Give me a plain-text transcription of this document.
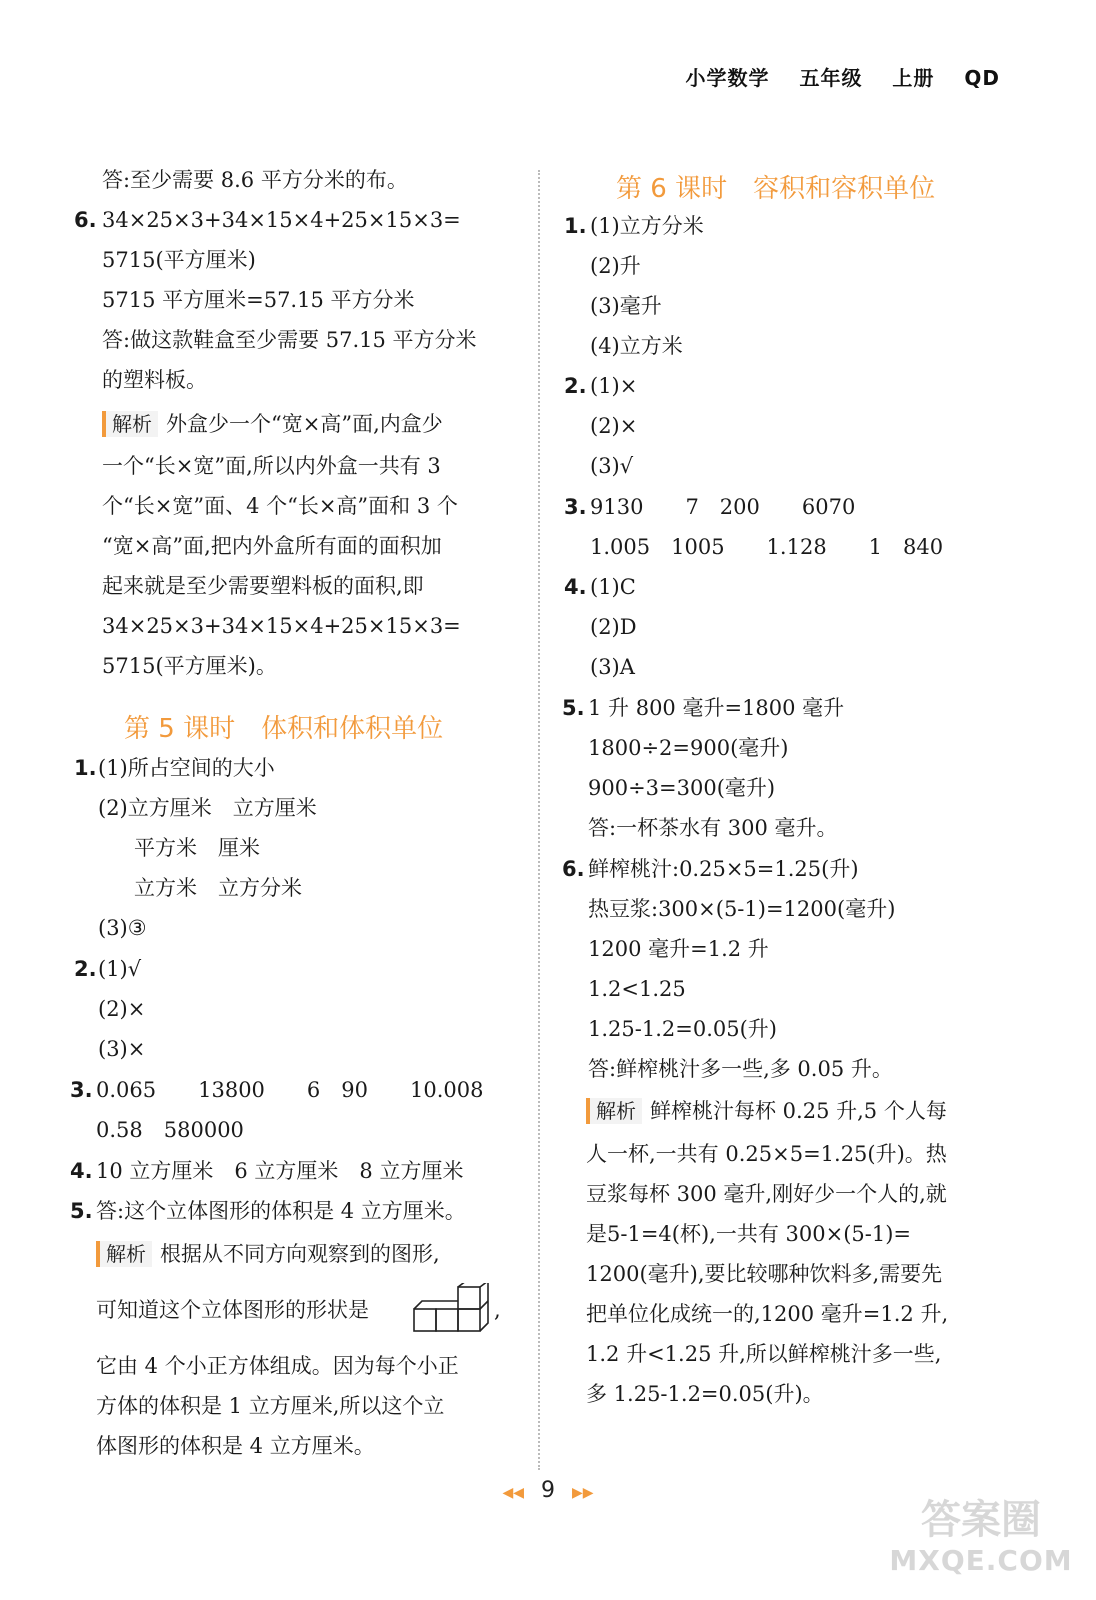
小学数学 五年级 上册 QD
答:至少需要 8.6 平方分米的布。
6. 34×25×3+34×15×4+25×15×3=
5715(平方厘米)
5715 平方厘米=57.15 平方分米
答:做这款鞋盒至少需要 57.15 平方分米
的塑料板。
解析 外盒少一个“宽×高”面,内盒少
一个“长×宽”面,所以内外盒一共有 3
个“长×宽”面、4 个“长×高”面和 3 个
“宽×高”面,把内外盒所有面的面积加
起来就是至少需要塑料板的面积,即
34×25×3+34×15×4+25×15×3=
5715(平方厘米)。
第 5 课时　体积和体积单位
1. (1)所占空间的大小
(2)立方厘米　立方厘米
平方米　厘米
立方米　立方分米
(3)③
2. (1)√
(2)×
(3)×
3. 0.065　　13800　　6　90　　10.008
0.58　580000
4. 10 立方厘米　6 立方厘米　8 立方厘米
5. 答:这个立体图形的体积是 4 立方厘米。
解析 根据从不同方向观察到的图形,
可知道这个立体图形的形状是	,
它由 4 个小正方体组成。因为每个小正
方体的体积是 1 立方厘米,所以这个立
体图形的体积是 4 立方厘米。
第 6 课时　容积和容积单位
1. (1)立方分米
(2)升
(3)毫升
(4)立方米
2. (1)×
(2)×
(3)√
3. 9130　　7　200　　6070
1.005　1005　　1.128　　1　840
4. (1)C
(2)D
(3)A
5. 1 升 800 毫升=1800 毫升
1800÷2=900(毫升)
900÷3=300(毫升)
答:一杯茶水有 300 毫升。
6. 鲜榨桃汁:0.25×5=1.25(升)
热豆浆:300×(5-1)=1200(毫升)
1200 毫升=1.2 升
1.2<1.25
1.25-1.2=0.05(升)
答:鲜榨桃汁多一些,多 0.05 升。
解析 鲜榨桃汁每杯 0.25 升,5 个人每
人一杯,一共有 0.25×5=1.25(升)。热
豆浆每杯 300 毫升,刚好少一个人的,就
是5-1=4(杯),一共有 300×(5-1)=
1200(毫升),要比较哪种饮料多,需要先
把单位化成统一的,1200 毫升=1.2 升,
1.2 升<1.25 升,所以鲜榨桃汁多一些,
多 1.25-1.2=0.05(升)。
◀◀ 9 ▶▶
答案圈
MXQE.COM
